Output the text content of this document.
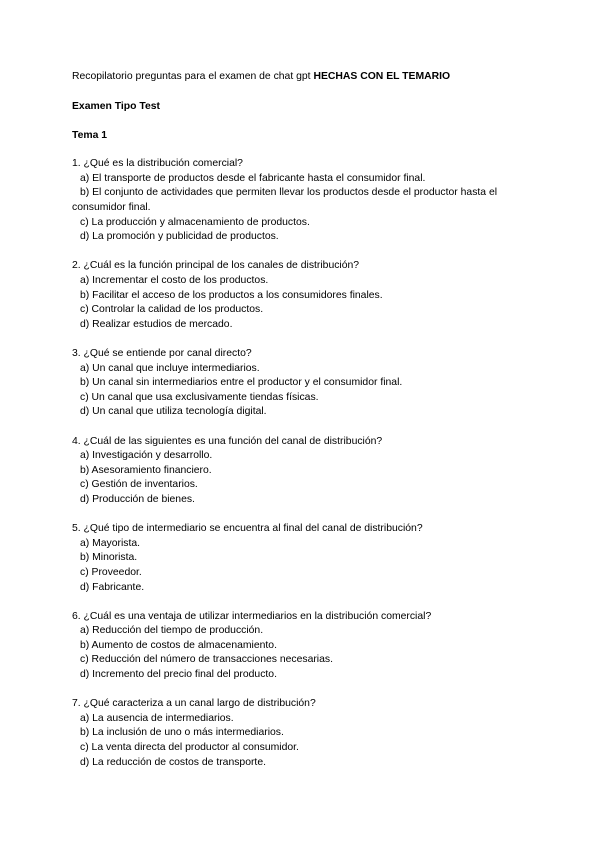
Recopilatorio preguntas para el examen de chat gpt HECHAS CON EL TEMARIO

Examen Tipo Test

Tema 1

1. ¿Qué es la distribución comercial?

a) El transporte de productos desde el fabricante hasta el consumidor final.

b) El conjunto de actividades que permiten llevar los productos desde el productor hasta el consumidor final.

c) La producción y almacenamiento de productos.

d) La promoción y publicidad de productos.

2. ¿Cuál es la función principal de los canales de distribución?

a) Incrementar el costo de los productos.

b) Facilitar el acceso de los productos a los consumidores finales.

c) Controlar la calidad de los productos.

d) Realizar estudios de mercado.

3. ¿Qué se entiende por canal directo?

a) Un canal que incluye intermediarios.

b) Un canal sin intermediarios entre el productor y el consumidor final.

c) Un canal que usa exclusivamente tiendas físicas.

d) Un canal que utiliza tecnología digital.

4. ¿Cuál de las siguientes es una función del canal de distribución?

a) Investigación y desarrollo.

b) Asesoramiento financiero.

c) Gestión de inventarios.

d) Producción de bienes.

5. ¿Qué tipo de intermediario se encuentra al final del canal de distribución?

a) Mayorista.

b) Minorista.

c) Proveedor.

d) Fabricante.

6. ¿Cuál es una ventaja de utilizar intermediarios en la distribución comercial?

a) Reducción del tiempo de producción.

b) Aumento de costos de almacenamiento.

c) Reducción del número de transacciones necesarias.

d) Incremento del precio final del producto.

7. ¿Qué caracteriza a un canal largo de distribución?

a) La ausencia de intermediarios.

b) La inclusión de uno o más intermediarios.

c) La venta directa del productor al consumidor.

d) La reducción de costos de transporte.
